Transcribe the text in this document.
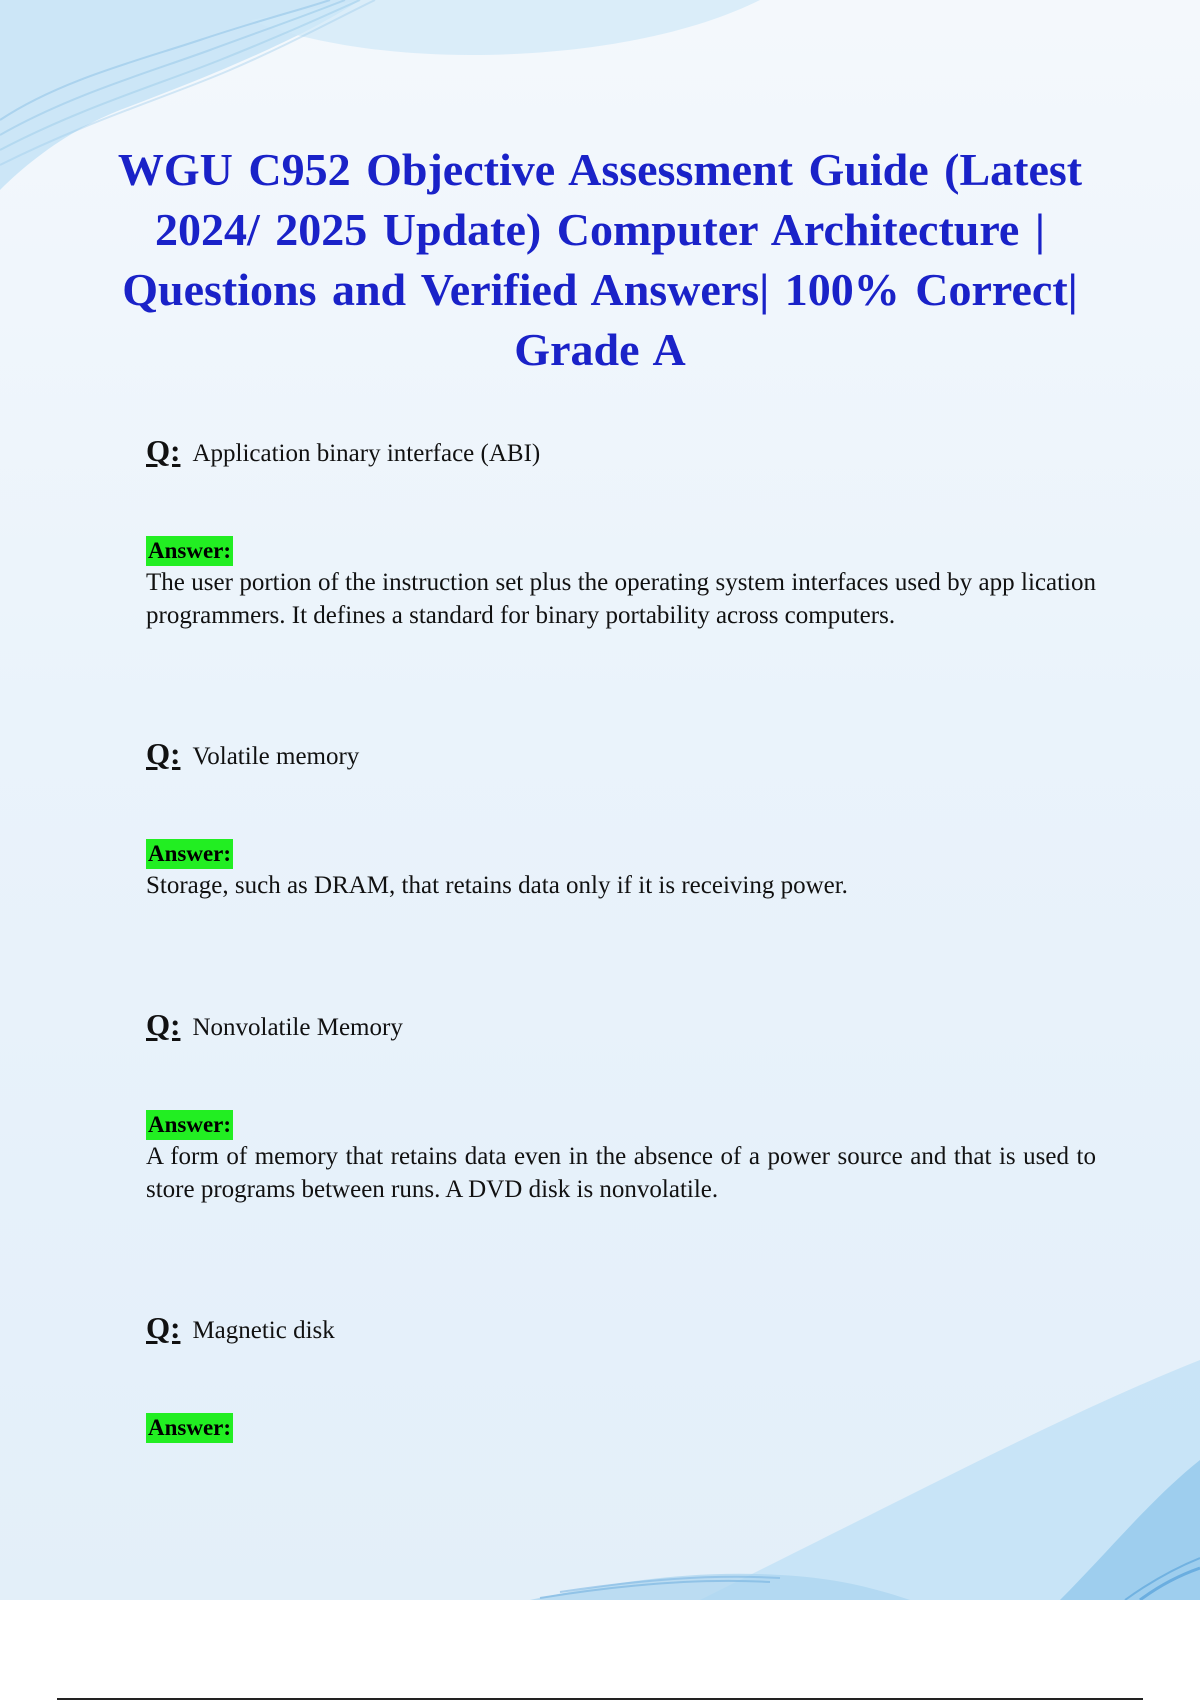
WGU C952 Objective Assessment Guide (Latest 2024/ 2025 Update) Computer Architecture | Questions and Verified Answers| 100% Correct| Grade A
Q: Application binary interface (ABI)
Answer:

The user portion of the instruction set plus the operating system interfaces used by app lication programmers. It defines a standard for binary portability across computers.

Q: Volatile memory
Answer:

Storage, such as DRAM, that retains data only if it is receiving power.

Q: Nonvolatile Memory
Answer:

A form of memory that retains data even in the absence of a power source and that is used to store programs between runs. A DVD disk is nonvolatile.

Q: Magnetic disk
Answer:
